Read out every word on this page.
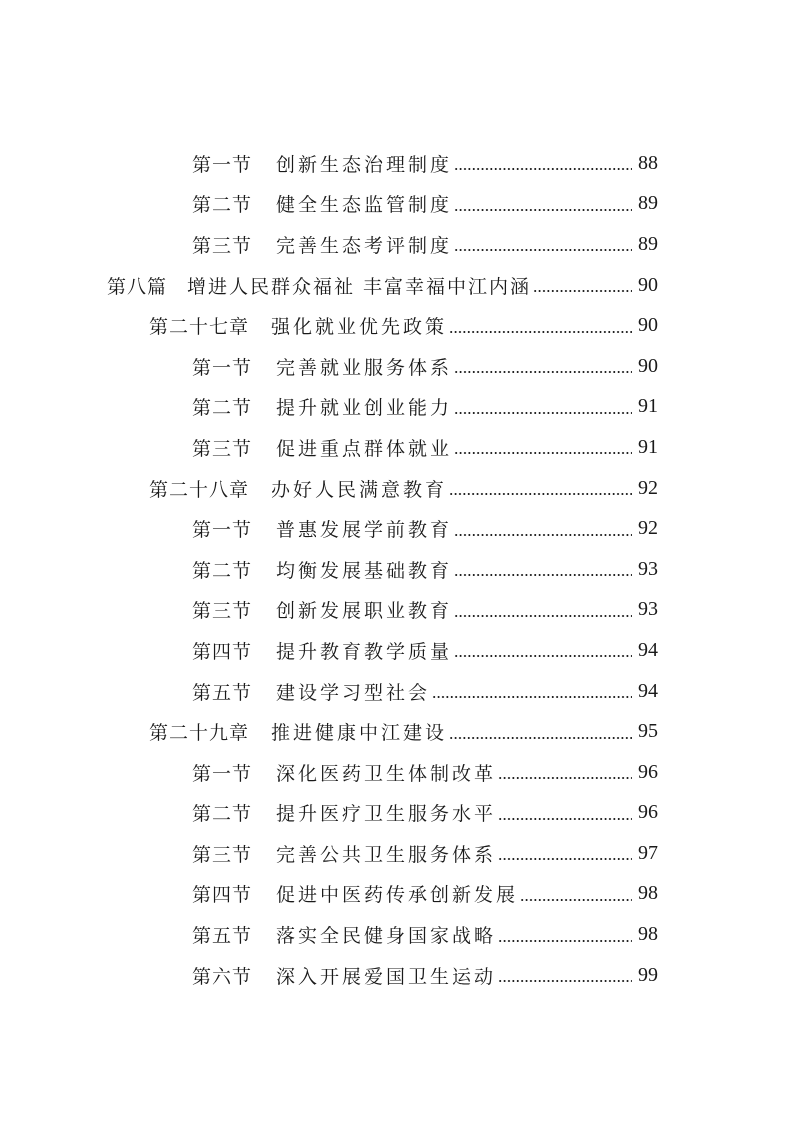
第一节 创新生态治理制度	88
第二节 健全生态监管制度	89
第三节 完善生态考评制度	89
第八篇 增进人民群众福祉 丰富幸福中江内涵	90
第二十七章 强化就业优先政策	90
第一节 完善就业服务体系	90
第二节 提升就业创业能力	91
第三节 促进重点群体就业	91
第二十八章 办好人民满意教育	92
第一节 普惠发展学前教育	92
第二节 均衡发展基础教育	93
第三节 创新发展职业教育	93
第四节 提升教育教学质量	94
第五节 建设学习型社会	94
第二十九章 推进健康中江建设	95
第一节 深化医药卫生体制改革	96
第二节 提升医疗卫生服务水平	96
第三节 完善公共卫生服务体系	97
第四节 促进中医药传承创新发展	98
第五节 落实全民健身国家战略	98
第六节 深入开展爱国卫生运动	99
